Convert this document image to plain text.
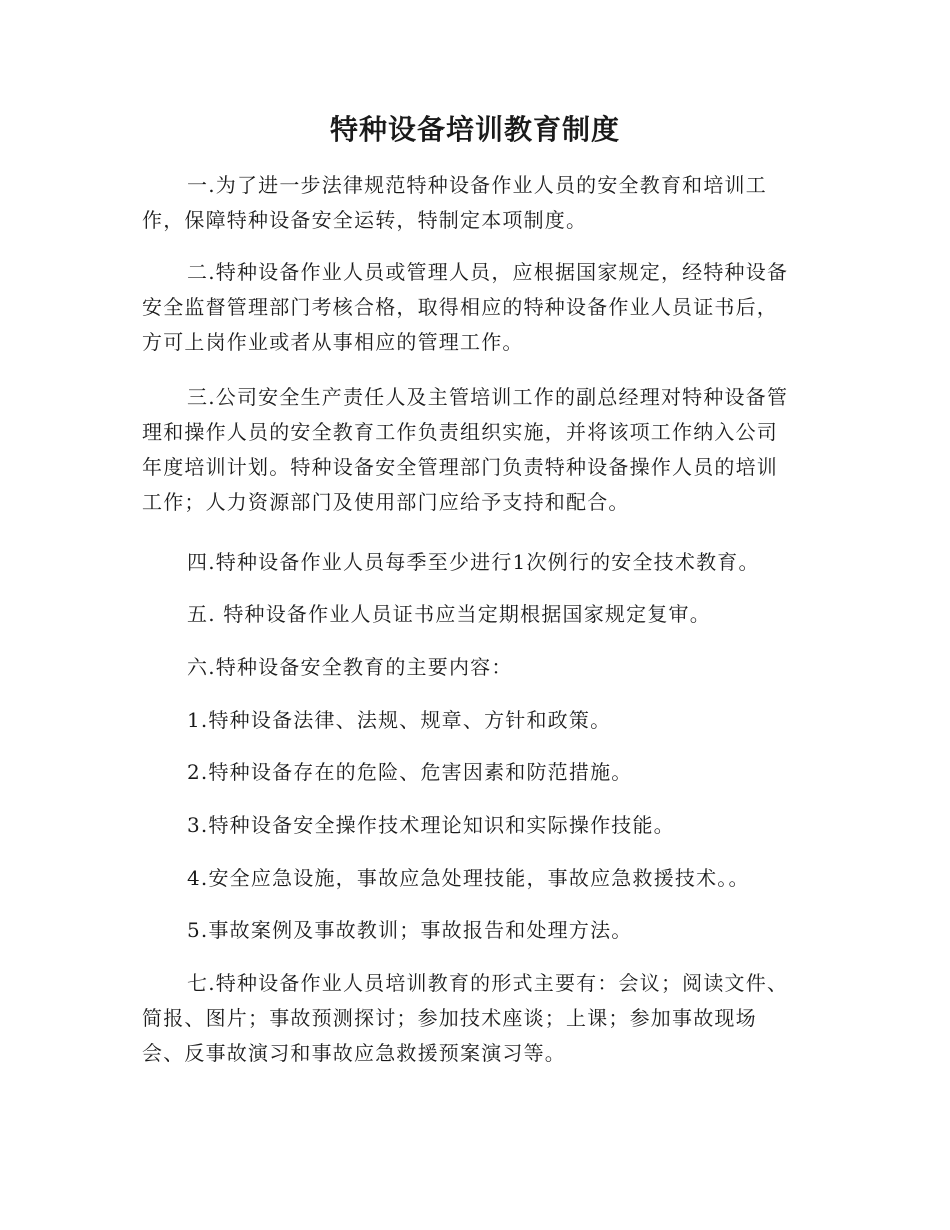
特种设备培训教育制度
一.为了进一步法律规范特种设备作业人员的安全教育和培训工
作，保障特种设备安全运转，特制定本项制度。
二.特种设备作业人员或管理人员，应根据国家规定，经特种设备
安全监督管理部门考核合格，取得相应的特种设备作业人员证书后，
方可上岗作业或者从事相应的管理工作。
三.公司安全生产责任人及主管培训工作的副总经理对特种设备管
理和操作人员的安全教育工作负责组织实施，并将该项工作纳入公司
年度培训计划。特种设备安全管理部门负责特种设备操作人员的培训
工作；人力资源部门及使用部门应给予支持和配合。
四.特种设备作业人员每季至少进行1次例行的安全技术教育。
五. 特种设备作业人员证书应当定期根据国家规定复审。
六.特种设备安全教育的主要内容：
1.特种设备法律、法规、规章、方针和政策。
2.特种设备存在的危险、危害因素和防范措施。
3.特种设备安全操作技术理论知识和实际操作技能。
4.安全应急设施，事故应急处理技能，事故应急救援技术。。
5.事故案例及事故教训；事故报告和处理方法。
七.特种设备作业人员培训教育的形式主要有：会议；阅读文件、
简报、图片；事故预测探讨；参加技术座谈；上课；参加事故现场
会、反事故演习和事故应急救援预案演习等。
